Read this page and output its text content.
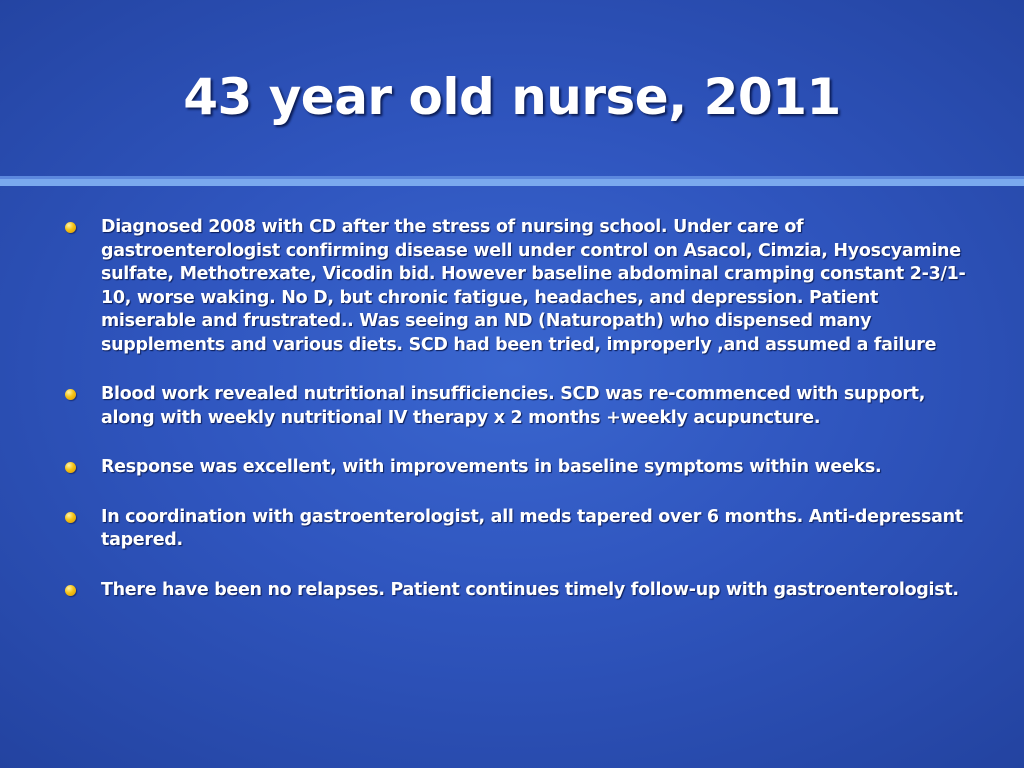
43 year old nurse, 2011
Diagnosed 2008 with CD after the stress of nursing school. Under care of gastroenterologist confirming disease well under control on Asacol, Cimzia, Hyoscyamine sulfate, Methotrexate, Vicodin bid. However baseline abdominal cramping constant 2-3/1-10, worse waking. No D, but chronic fatigue, headaches, and depression. Patient miserable and frustrated.. Was seeing an ND (Naturopath) who dispensed many supplements and various diets. SCD had been tried, improperly ,and assumed a failure
Blood work revealed nutritional insufficiencies. SCD was re-commenced with support, along with weekly nutritional IV therapy x 2 months +weekly acupuncture.
Response was excellent, with improvements in baseline symptoms within weeks.
In coordination with gastroenterologist, all meds tapered over 6 months. Anti-depressant tapered.
There have been no relapses. Patient continues timely follow-up with gastroenterologist.
